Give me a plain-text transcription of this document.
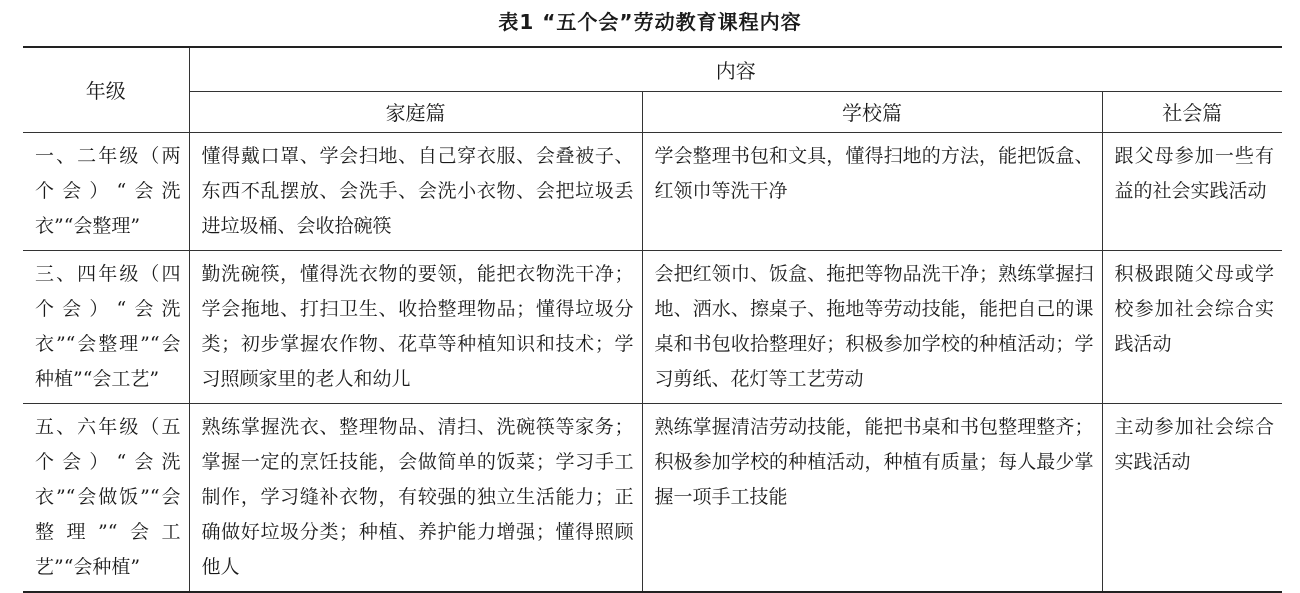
表1 “五个会”劳动教育课程内容
年级	内容		
	家庭篇	学校篇	社会篇
一、二年级（两个会）“会洗衣”“会整理”	懂得戴口罩、学会扫地、自己穿衣服、会叠被子、东西不乱摆放、会洗手、会洗小衣物、会把垃圾丢进垃圾桶、会收拾碗筷	学会整理书包和文具，懂得扫地的方法，能把饭盒、红领巾等洗干净	跟父母参加一些有益的社会实践活动
三、四年级（四个会）“会洗衣”“会整理”“会种植”“会工艺”	勤洗碗筷，懂得洗衣物的要领，能把衣物洗干净；学会拖地、打扫卫生、收拾整理物品；懂得垃圾分类；初步掌握农作物、花草等种植知识和技术；学习照顾家里的老人和幼儿	会把红领巾、饭盒、拖把等物品洗干净；熟练掌握扫地、洒水、擦桌子、拖地等劳动技能，能把自己的课桌和书包收拾整理好；积极参加学校的种植活动；学习剪纸、花灯等工艺劳动	积极跟随父母或学校参加社会综合实践活动
五、六年级（五个会）“会洗衣”“会做饭”“会整理”“会工艺”“会种植”	熟练掌握洗衣、整理物品、清扫、洗碗筷等家务；掌握一定的烹饪技能，会做简单的饭菜；学习手工制作，学习缝补衣物，有较强的独立生活能力；正确做好垃圾分类；种植、养护能力增强；懂得照顾他人	熟练掌握清洁劳动技能，能把书桌和书包整理整齐；积极参加学校的种植活动，种植有质量；每人最少掌握一项手工技能	主动参加社会综合实践活动
